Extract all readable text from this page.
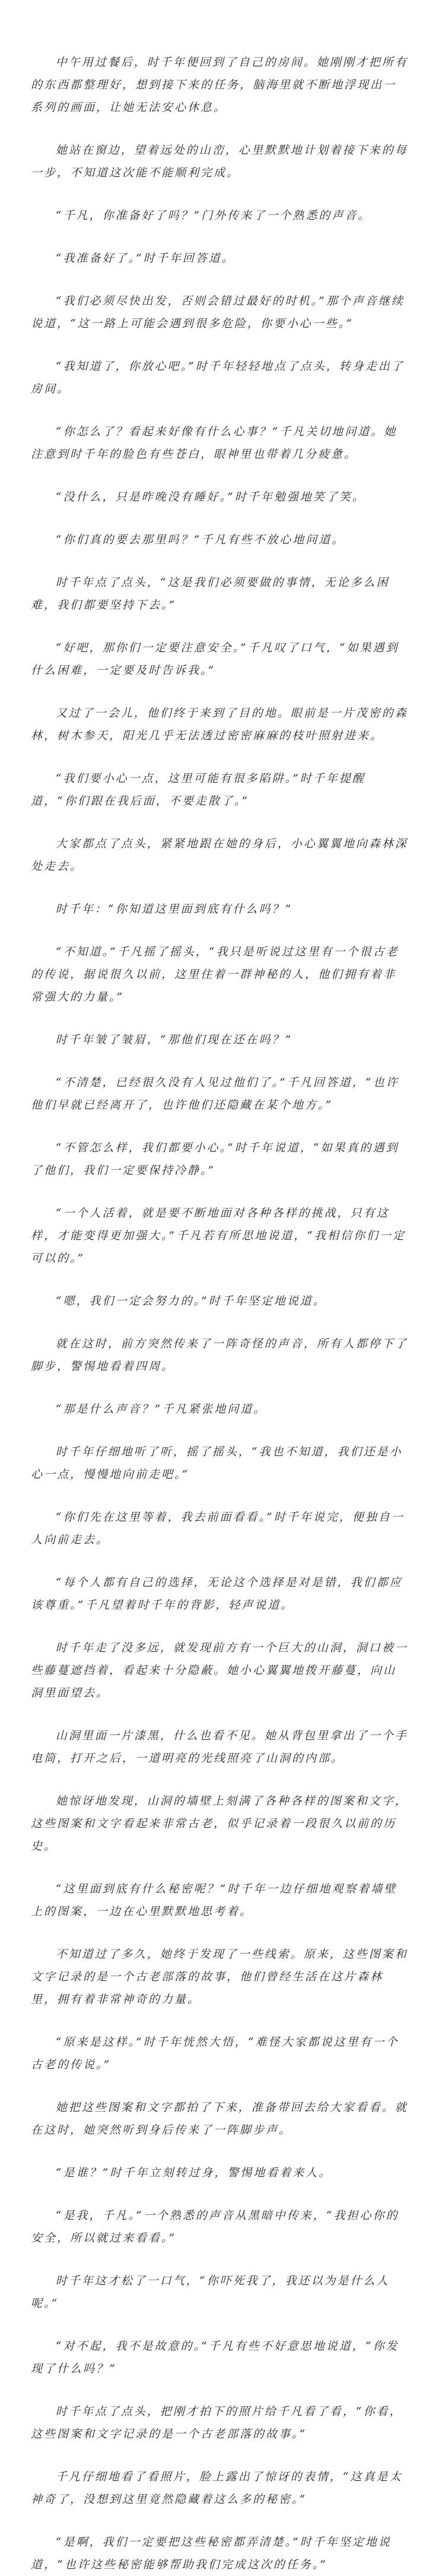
中午用过餐后，时千年便回到了自己的房间。她刚刚才把所有的东西都整理好，想到接下来的任务，脑海里就不断地浮现出一系列的画面，让她无法安心休息。

她站在窗边，望着远处的山峦，心里默默地计划着接下来的每一步，不知道这次能不能顺利完成。

“千凡，你准备好了吗？”门外传来了一个熟悉的声音。

“我准备好了。”时千年回答道。

“我们必须尽快出发，否则会错过最好的时机。”那个声音继续说道，“这一路上可能会遇到很多危险，你要小心一些。”

“我知道了，你放心吧。”时千年轻轻地点了点头，转身走出了房间。

“你怎么了？看起来好像有什么心事？”千凡关切地问道。她注意到时千年的脸色有些苍白，眼神里也带着几分疲惫。

“没什么，只是昨晚没有睡好。”时千年勉强地笑了笑。

“你们真的要去那里吗？”千凡有些不放心地问道。

时千年点了点头，“这是我们必须要做的事情，无论多么困难，我们都要坚持下去。”

“好吧，那你们一定要注意安全。”千凡叹了口气，“如果遇到什么困难，一定要及时告诉我。”

又过了一会儿，他们终于来到了目的地。眼前是一片茂密的森林，树木参天，阳光几乎无法透过密密麻麻的枝叶照射进来。

“我们要小心一点，这里可能有很多陷阱。”时千年提醒道，“你们跟在我后面，不要走散了。”

大家都点了点头，紧紧地跟在她的身后，小心翼翼地向森林深处走去。

时千年：“你知道这里面到底有什么吗？”

“不知道。”千凡摇了摇头，“我只是听说过这里有一个很古老的传说，据说很久以前，这里住着一群神秘的人，他们拥有着非常强大的力量。”

时千年皱了皱眉，“那他们现在还在吗？”

“不清楚，已经很久没有人见过他们了。”千凡回答道，“也许他们早就已经离开了，也许他们还隐藏在某个地方。”

“不管怎么样，我们都要小心。”时千年说道，“如果真的遇到了他们，我们一定要保持冷静。”

“一个人活着，就是要不断地面对各种各样的挑战，只有这样，才能变得更加强大。”千凡若有所思地说道，“我相信你们一定可以的。”

“嗯，我们一定会努力的。”时千年坚定地说道。

就在这时，前方突然传来了一阵奇怪的声音，所有人都停下了脚步，警惕地看着四周。

“那是什么声音？”千凡紧张地问道。

时千年仔细地听了听，摇了摇头，“我也不知道，我们还是小心一点，慢慢地向前走吧。”

“你们先在这里等着，我去前面看看。”时千年说完，便独自一人向前走去。

“每个人都有自己的选择，无论这个选择是对是错，我们都应该尊重。”千凡望着时千年的背影，轻声说道。

时千年走了没多远，就发现前方有一个巨大的山洞，洞口被一些藤蔓遮挡着，看起来十分隐蔽。她小心翼翼地拨开藤蔓，向山洞里面望去。

山洞里面一片漆黑，什么也看不见。她从背包里拿出了一个手电筒，打开之后，一道明亮的光线照亮了山洞的内部。

她惊讶地发现，山洞的墙壁上刻满了各种各样的图案和文字，这些图案和文字看起来非常古老，似乎记录着一段很久以前的历史。

“这里面到底有什么秘密呢？”时千年一边仔细地观察着墙壁上的图案，一边在心里默默地思考着。

不知道过了多久，她终于发现了一些线索。原来，这些图案和文字记录的是一个古老部落的故事，他们曾经生活在这片森林里，拥有着非常神奇的力量。

“原来是这样。”时千年恍然大悟，“难怪大家都说这里有一个古老的传说。”

她把这些图案和文字都拍了下来，准备带回去给大家看看。就在这时，她突然听到身后传来了一阵脚步声。

“是谁？”时千年立刻转过身，警惕地看着来人。

“是我，千凡。”一个熟悉的声音从黑暗中传来，“我担心你的安全，所以就过来看看。”

时千年这才松了一口气，“你吓死我了，我还以为是什么人呢。”

“对不起，我不是故意的。”千凡有些不好意思地说道，“你发现了什么吗？”

时千年点了点头，把刚才拍下的照片给千凡看了看，“你看，这些图案和文字记录的是一个古老部落的故事。”

千凡仔细地看了看照片，脸上露出了惊讶的表情，“这真是太神奇了，没想到这里竟然隐藏着这么多的秘密。”

“是啊，我们一定要把这些秘密都弄清楚。”时千年坚定地说道，“也许这些秘密能够帮助我们完成这次的任务。”
